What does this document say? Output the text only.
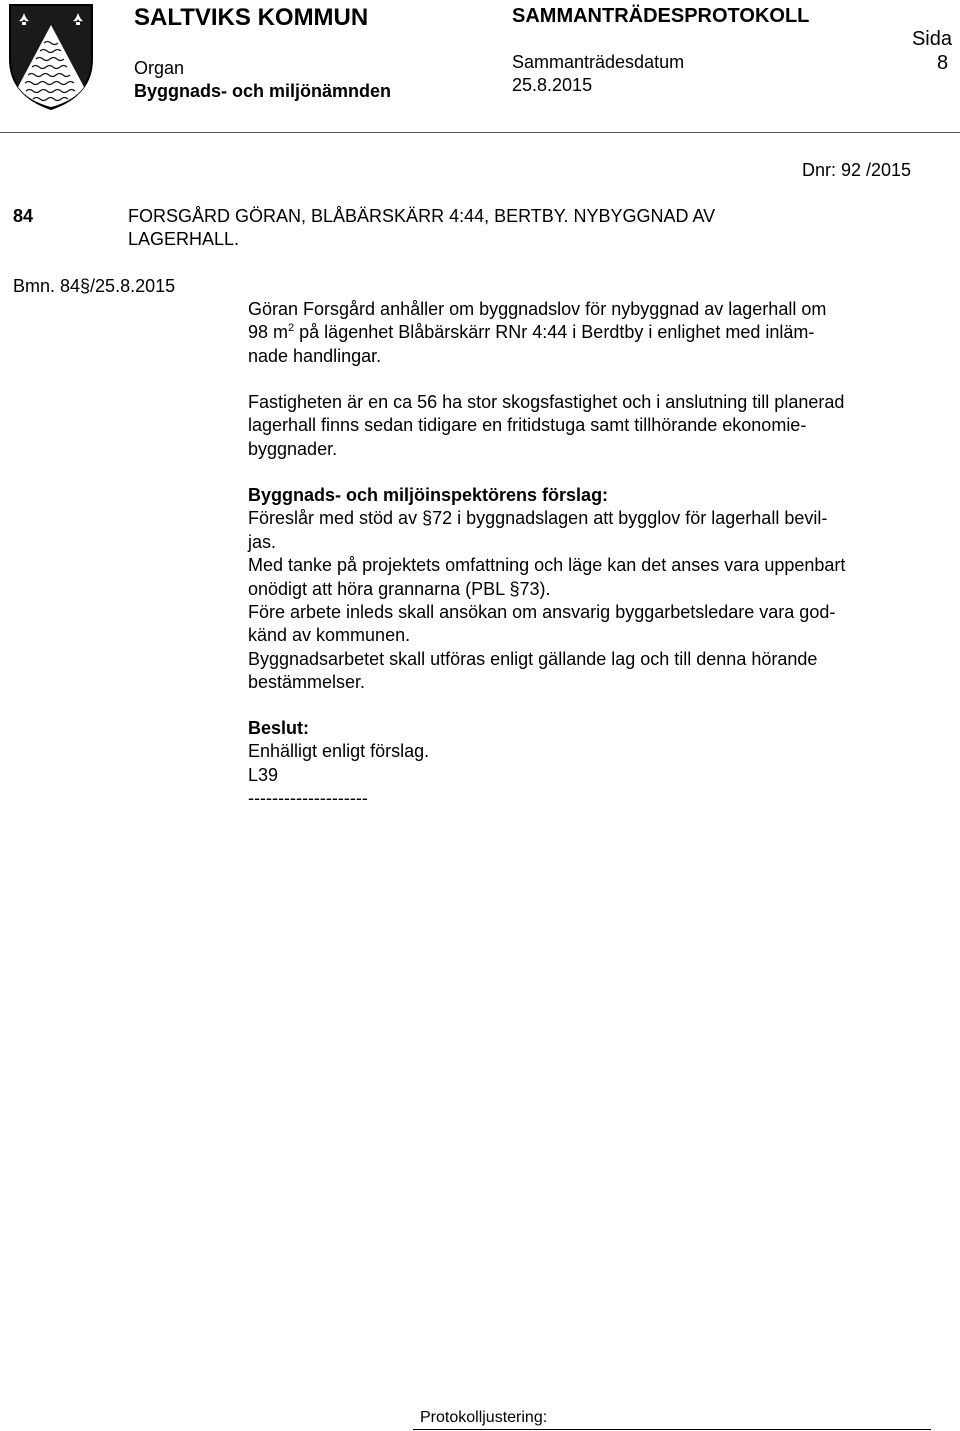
SALTVIKS KOMMUN
Organ
Byggnads- och miljönämnden
SAMMANTRÄDESPROTOKOLL
Sammanträdesdatum
25.8.2015
Sida
8
Dnr: 92 /2015
84	FORSGÅRD GÖRAN, BLÅBÄRSKÄRR 4:44, BERTBY. NYBYGGNAD AV
LAGERHALL.
Bmn. 84§/25.8.2015

Göran Forsgård anhåller om byggnadslov för nybyggnad av lagerhall om

98 $m^2$ på lägenhet Blåbärskärr RNr 4:44 i Berdtby i enlighet med inläm-

nade handlingar.

Fastigheten är en ca 56 ha stor skogsfastighet och i anslutning till planerad

lagerhall finns sedan tidigare en fritidstuga samt tillhörande ekonomie-

byggnader.

Byggnads- och miljöinspektörens förslag:

Föreslår med stöd av §72 i byggnadslagen att bygglov för lagerhall bevil-

jas.

Med tanke på projektets omfattning och läge kan det anses vara uppenbart

onödigt att höra grannarna (PBL §73).

Före arbete inleds skall ansökan om ansvarig byggarbetsledare vara god-

känd av kommunen.

Byggnadsarbetet skall utföras enligt gällande lag och till denna hörande

bestämmelser.

Beslut:

Enhälligt enligt förslag.

L39

--------------------

Protokolljustering:
